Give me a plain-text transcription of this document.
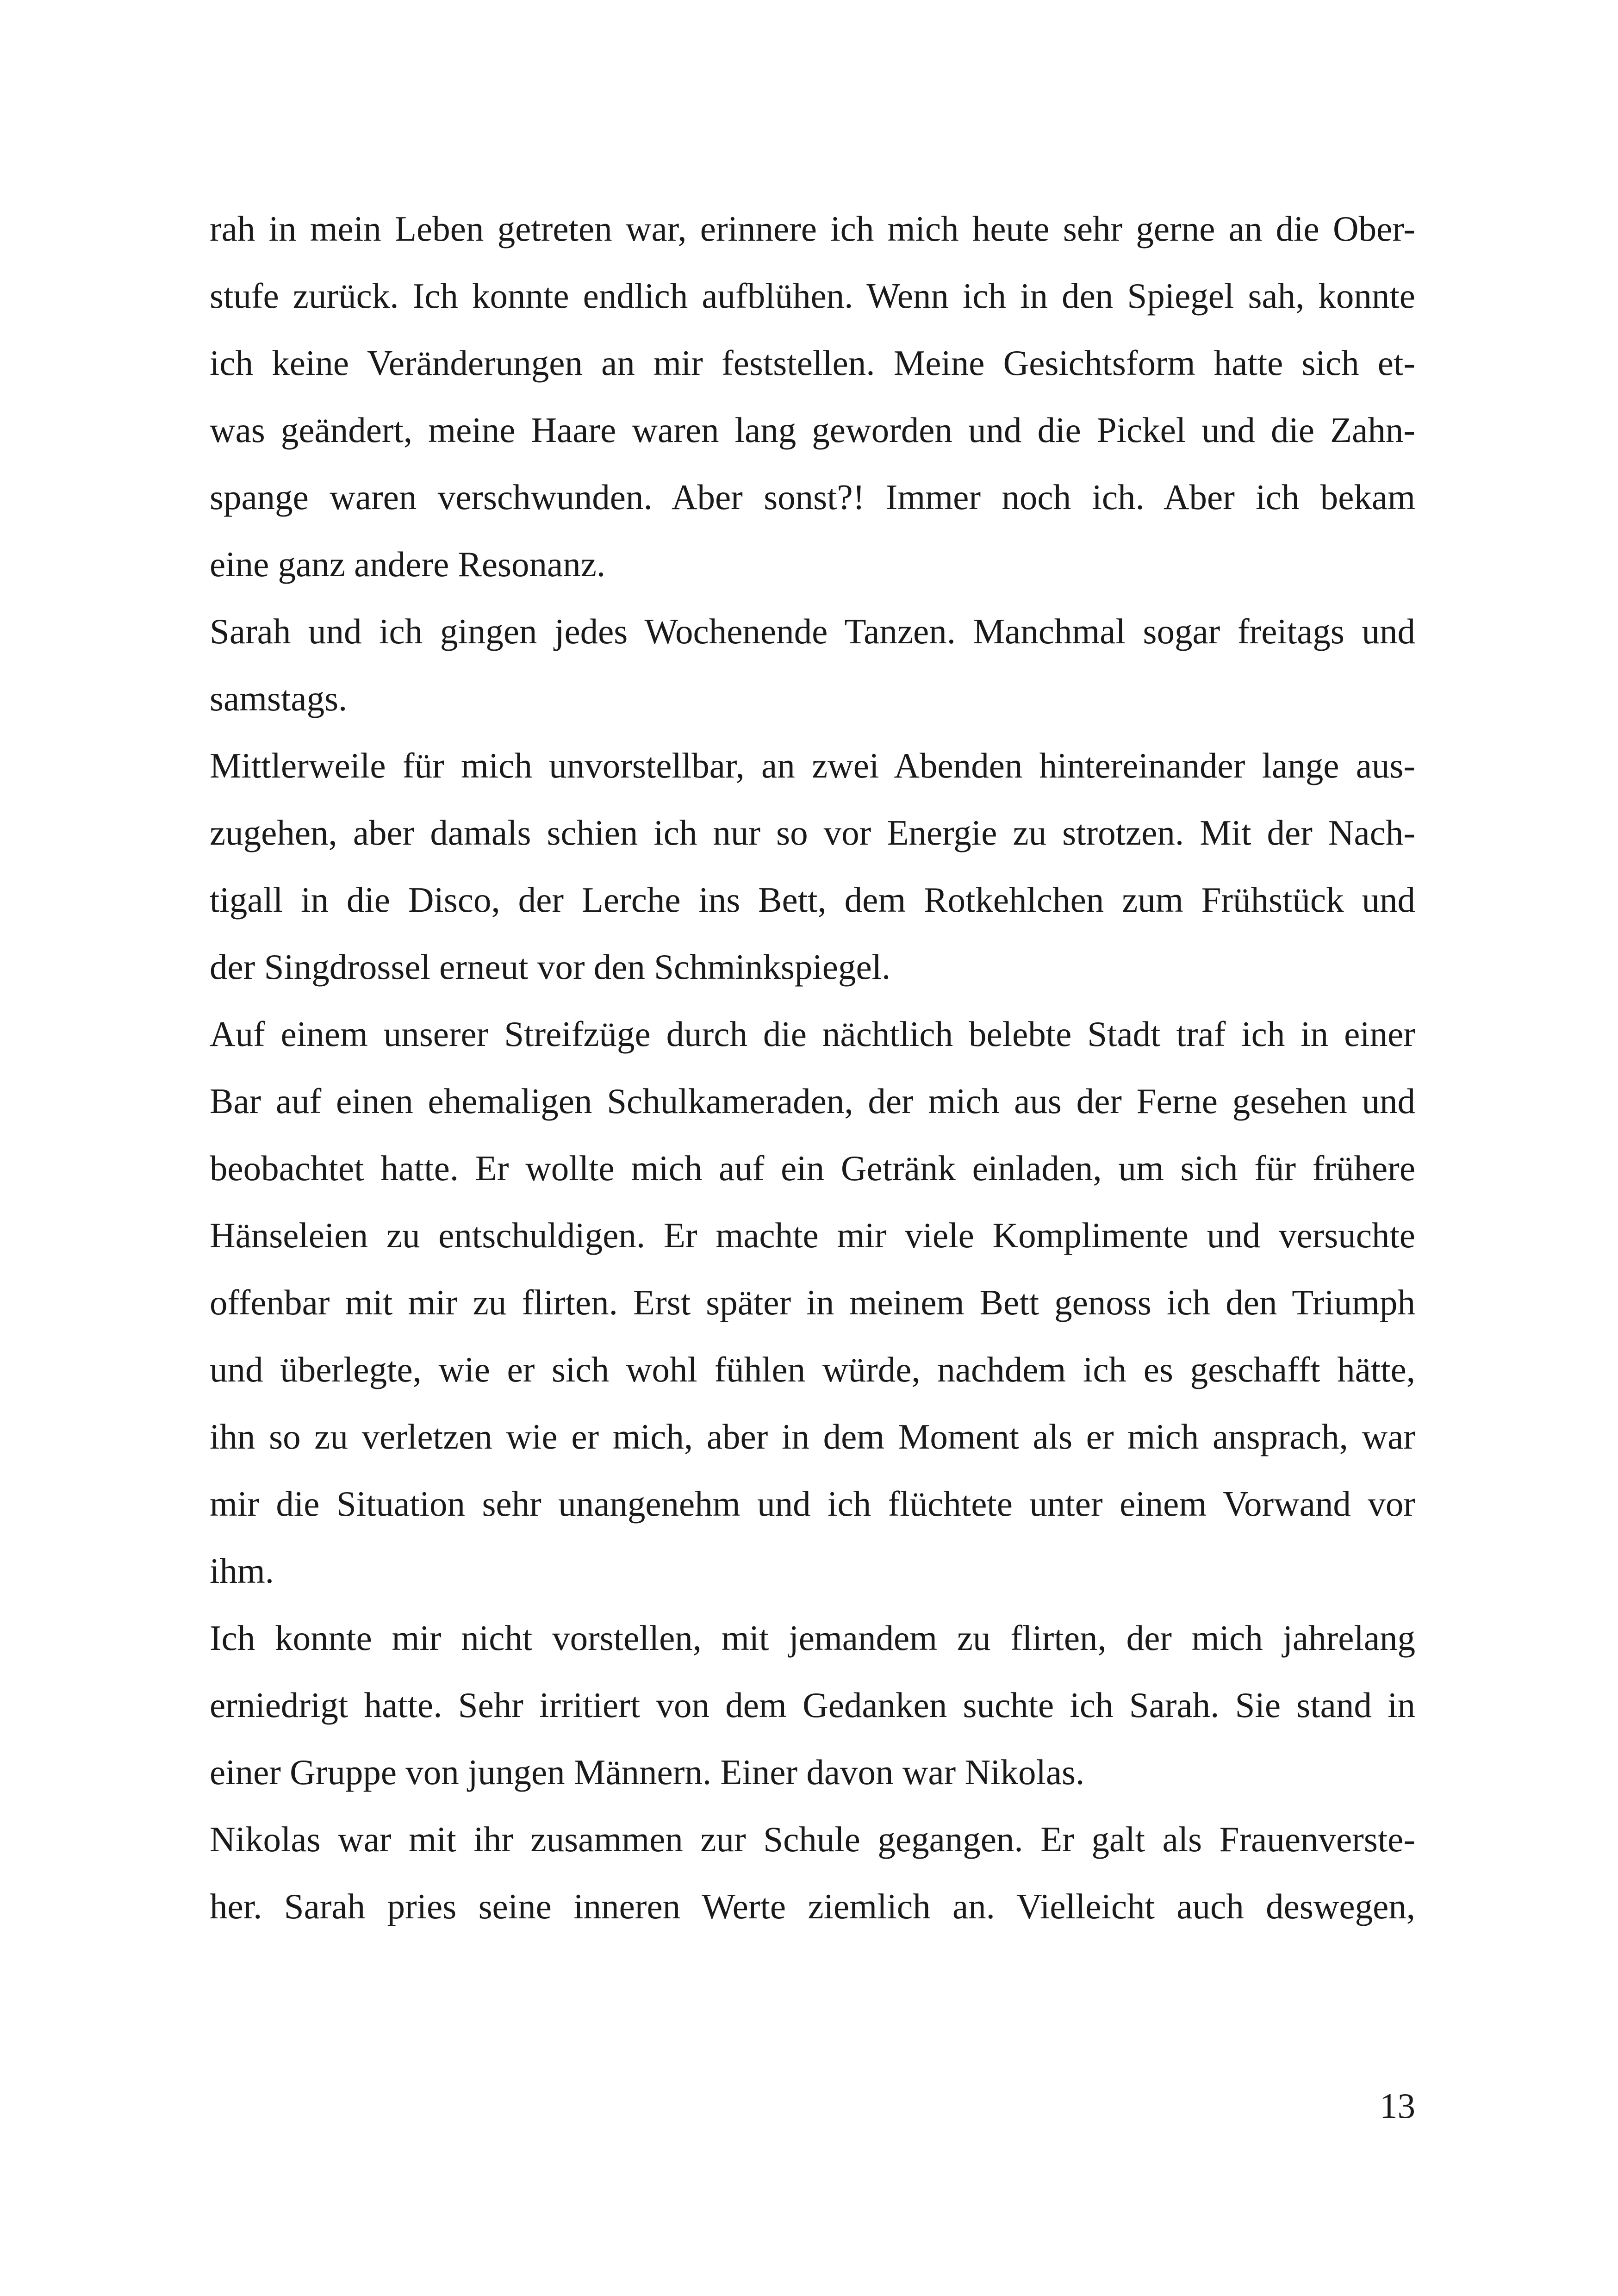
rah in mein Leben getreten war, erinnere ich mich heute sehr gerne an die Ober-
stufe zurück. Ich konnte endlich aufblühen. Wenn ich in den Spiegel sah, konnte
ich keine Veränderungen an mir feststellen. Meine Gesichtsform hatte sich et-
was geändert, meine Haare waren lang geworden und die Pickel und die Zahn-
spange waren verschwunden. Aber sonst?! Immer noch ich. Aber ich bekam
eine ganz andere Resonanz.
Sarah und ich gingen jedes Wochenende Tanzen. Manchmal sogar freitags und
samstags.
Mittlerweile für mich unvorstellbar, an zwei Abenden hintereinander lange aus-
zugehen, aber damals schien ich nur so vor Energie zu strotzen. Mit der Nach-
tigall in die Disco, der Lerche ins Bett, dem Rotkehlchen zum Frühstück und
der Singdrossel erneut vor den Schminkspiegel.
Auf einem unserer Streifzüge durch die nächtlich belebte Stadt traf ich in einer
Bar auf einen ehemaligen Schulkameraden, der mich aus der Ferne gesehen und
beobachtet hatte. Er wollte mich auf ein Getränk einladen, um sich für frühere
Hänseleien zu entschuldigen. Er machte mir viele Komplimente und versuchte
offenbar mit mir zu flirten. Erst später in meinem Bett genoss ich den Triumph
und überlegte, wie er sich wohl fühlen würde, nachdem ich es geschafft hätte,
ihn so zu verletzen wie er mich, aber in dem Moment als er mich ansprach, war
mir die Situation sehr unangenehm und ich flüchtete unter einem Vorwand vor
ihm.
Ich konnte mir nicht vorstellen, mit jemandem zu flirten, der mich jahrelang
erniedrigt hatte. Sehr irritiert von dem Gedanken suchte ich Sarah. Sie stand in
einer Gruppe von jungen Männern. Einer davon war Nikolas.
Nikolas war mit ihr zusammen zur Schule gegangen. Er galt als Frauenverste-
her. Sarah pries seine inneren Werte ziemlich an. Vielleicht auch deswegen,
13
